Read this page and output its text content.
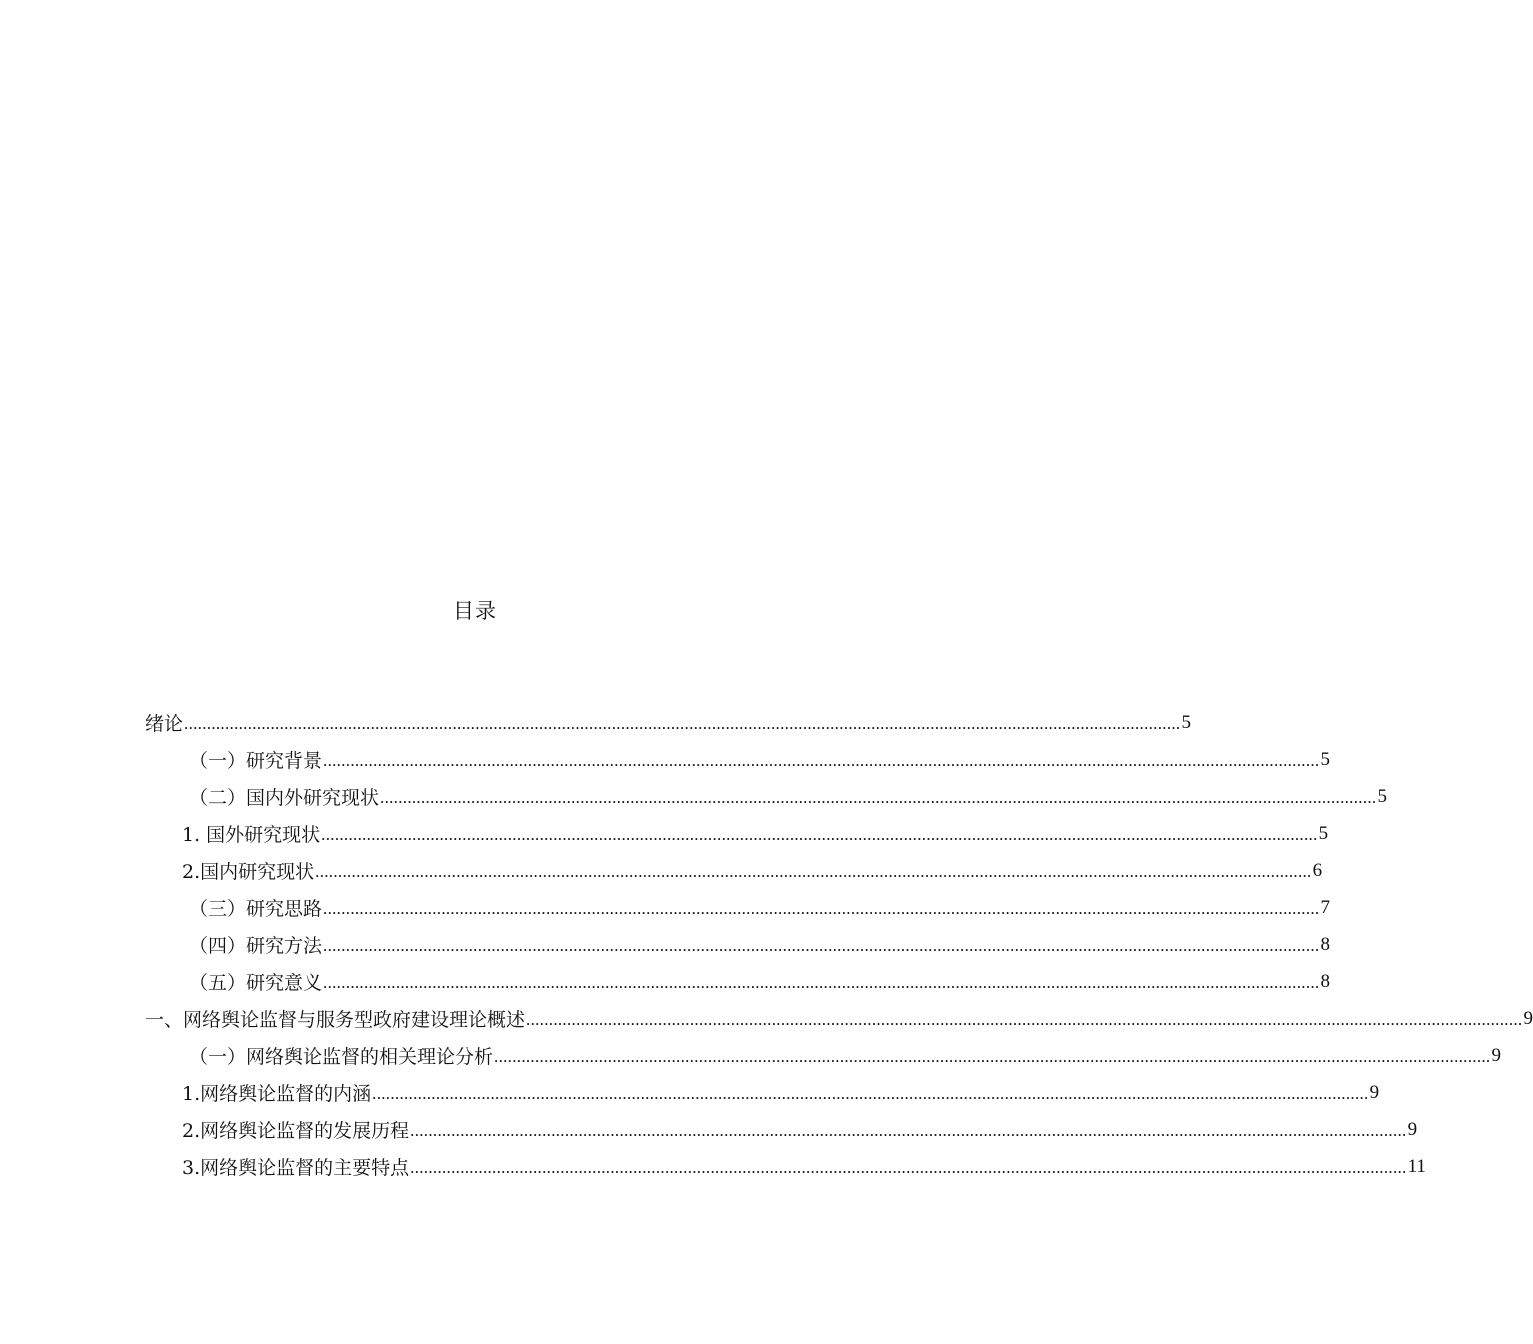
目录
绪论 ........................................................................................................................................................................................................................... 5
（一）研究背景 ........................................................................................................................................................................................................................... 5
（二）国内外研究现状 ........................................................................................................................................................................................................................... 5
1. 国外研究现状 ........................................................................................................................................................................................................................... 5
2.国内研究现状 ........................................................................................................................................................................................................................... 6
（三）研究思路 ........................................................................................................................................................................................................................... 7
（四）研究方法 ........................................................................................................................................................................................................................... 8
（五）研究意义 ........................................................................................................................................................................................................................... 8
一、网络舆论监督与服务型政府建设理论概述 ........................................................................................................................................................................................................................... 9
（一）网络舆论监督的相关理论分析 ........................................................................................................................................................................................................................... 9
1.网络舆论监督的内涵 ........................................................................................................................................................................................................................... 9
2.网络舆论监督的发展历程 ........................................................................................................................................................................................................................... 9
3.网络舆论监督的主要特点 ........................................................................................................................................................................................................................... 11
